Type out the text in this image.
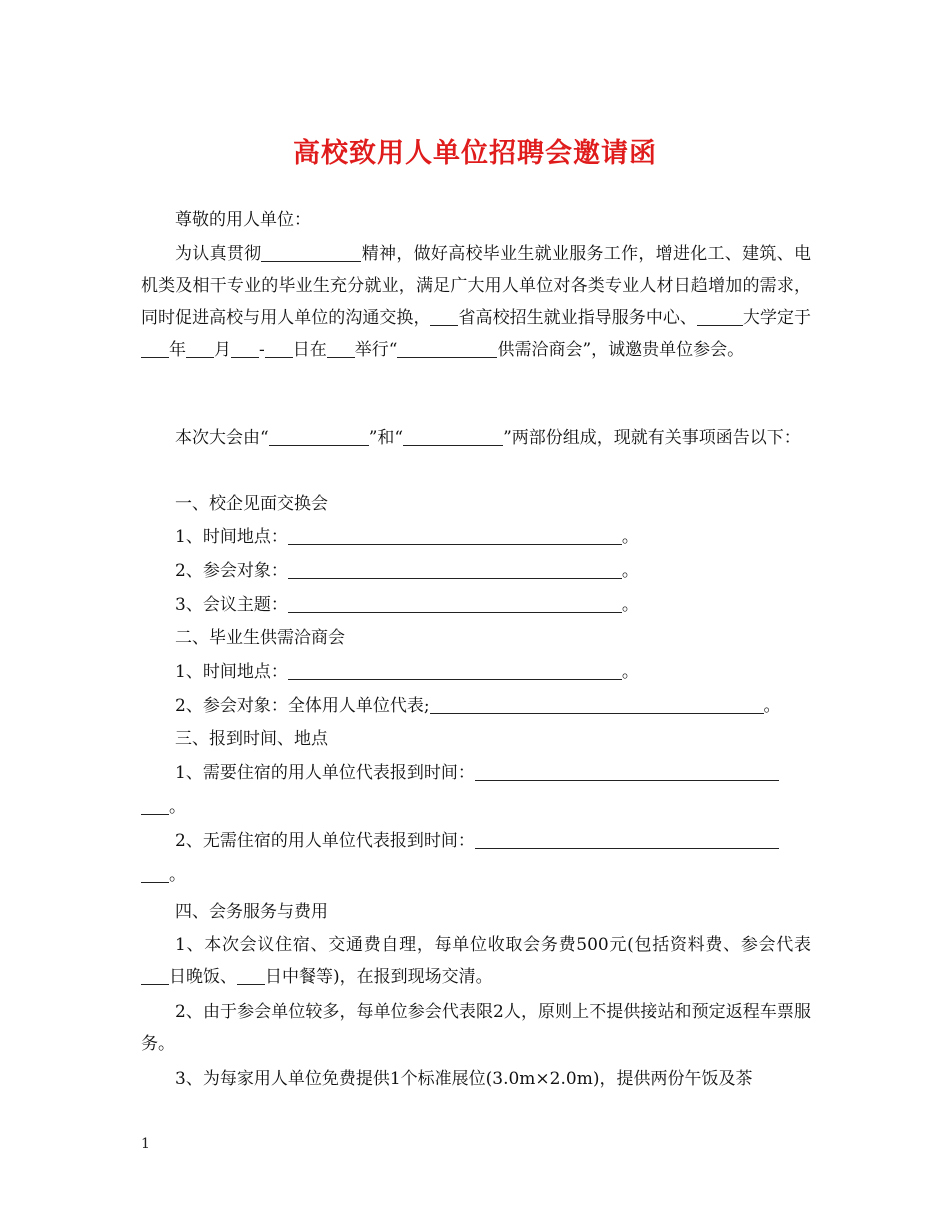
高校致用人单位招聘会邀请函

尊敬的用人单位：

为认真贯彻	精神，做好高校毕业生就业服务工作，增进化工、建筑、电机类及相干专业的毕业生充分就业，满足广大用人单位对各类专业人材日趋增加的需求，同时促进高校与用人单位的沟通交换， 省高校招生就业指导服务中心、	大学定于年 月 - 日在 举行“	供需洽商会”，诚邀贵单位参会。

本次大会由“	”和“	”两部份组成，现就有关事项函告以下：

一、校企见面交换会

1、时间地点：	。

2、参会对象：	。

3、会议主题：	。

二、毕业生供需洽商会

1、时间地点：	。

2、参会对象：全体用人单位代表;	。

三、报到时间、地点

1、需要住宿的用人单位代表报到时间：

。

2、无需住宿的用人单位代表报到时间：

。

四、会务服务与费用

1、本次会议住宿、交通费自理，每单位收取会务费500元(包括资料费、参会代表日晚饭、 日中餐等)，在报到现场交清。

2、由于参会单位较多，每单位参会代表限2人，原则上不提供接站和预定返程车票服务。

3、为每家用人单位免费提供1个标准展位(3.0m×2.0m)，提供两份午饭及茶

1
